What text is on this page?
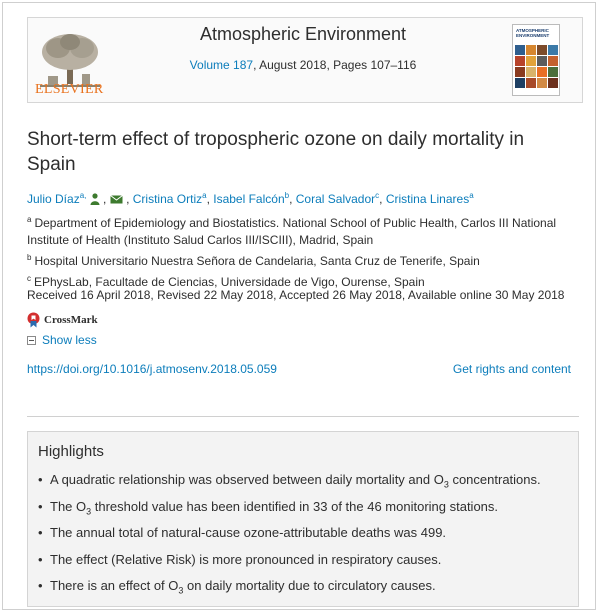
ELSEVIER
Atmospheric Environment
Volume 187, August 2018, Pages 107–116
ATMOSPHERIC ENVIRONMENT
Short-term effect of tropospheric ozone on daily mortality in Spain
Julio Díaz$^{a,}$ , , Cristina Ortiz$^a$, Isabel Falcón$^b$, Coral Salvador$^c$, Cristina Linares$^a$
$^a$ Department of Epidemiology and Biostatistics. National School of Public Health, Carlos III National Institute of Health (Instituto Salud Carlos III/ISCIII), Madrid, Spain
$^b$ Hospital Universitario Nuestra Señora de Candelaria, Santa Cruz de Tenerife, Spain
$^c$ EPhysLab, Facultade de Ciencias, Universidade de Vigo, Ourense, Spain
Received 16 April 2018, Revised 22 May 2018, Accepted 26 May 2018, Available online 30 May 2018
CrossMark
Show less
https://doi.org/10.1016/j.atmosenv.2018.05.059	Get rights and content
Highlights
• A quadratic relationship was observed between daily mortality and $O_3$ concentrations.
• The $O_3$ threshold value has been identified in 33 of the 46 monitoring stations.
• The annual total of natural-cause ozone-attributable deaths was 499.
• The effect (Relative Risk) is more pronounced in respiratory causes.
• There is an effect of $O_3$ on daily mortality due to circulatory causes.
